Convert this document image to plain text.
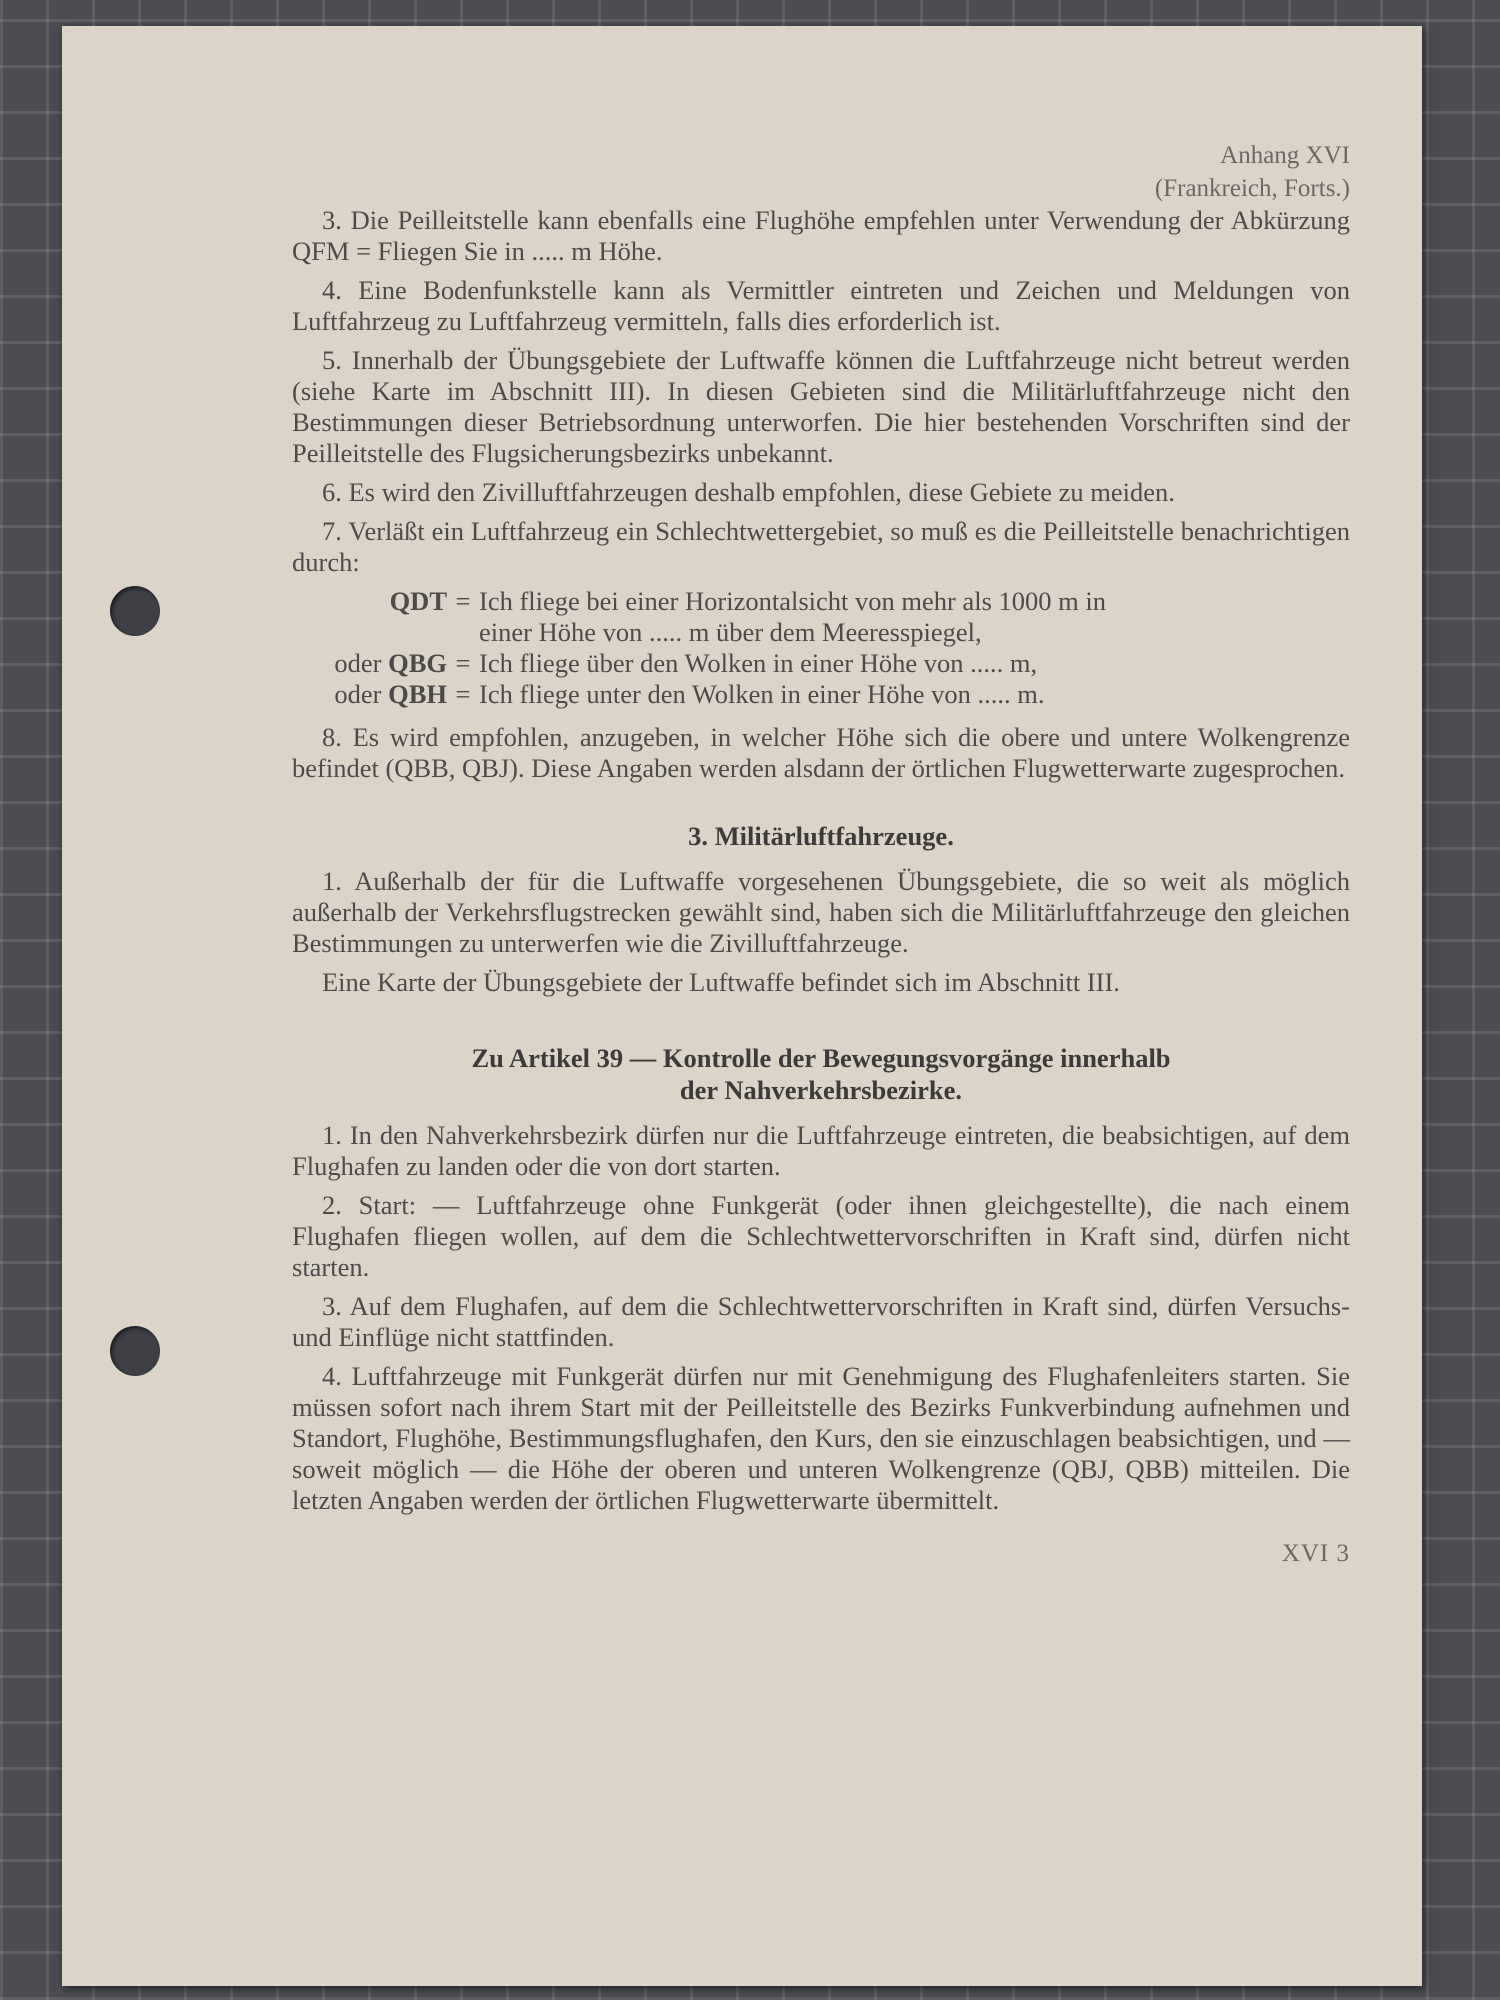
Anhang XVI
(Frankreich, Forts.)

3. Die Peilleitstelle kann ebenfalls eine Flughöhe empfehlen unter Verwendung der Abkürzung QFM = Fliegen Sie in ..... m Höhe.

4. Eine Bodenfunkstelle kann als Vermittler eintreten und Zeichen und Meldungen von Luftfahrzeug zu Luftfahrzeug vermitteln, falls dies erforderlich ist.

5. Innerhalb der Übungsgebiete der Luftwaffe können die Luftfahrzeuge nicht betreut werden (siehe Karte im Abschnitt III). In diesen Gebieten sind die Militärluftfahrzeuge nicht den Bestimmungen dieser Betriebsordnung unterworfen. Die hier bestehenden Vorschriften sind der Peilleitstelle des Flugsicherungsbezirks unbekannt.

6. Es wird den Zivilluftfahrzeugen deshalb empfohlen, diese Gebiete zu meiden.

7. Verläßt ein Luftfahrzeug ein Schlechtwettergebiet, so muß es die Peilleitstelle benachrichtigen durch:

QDT = Ich fliege bei einer Horizontalsicht von mehr als 1000 m in
einer Höhe von ..... m über dem Meeresspiegel,
oder QBG = Ich fliege über den Wolken in einer Höhe von ..... m,
oder QBH = Ich fliege unter den Wolken in einer Höhe von ..... m.

8. Es wird empfohlen, anzugeben, in welcher Höhe sich die obere und untere Wolkengrenze befindet (QBB, QBJ). Diese Angaben werden alsdann der örtlichen Flugwetterwarte zugesprochen.

3. Militärluftfahrzeuge.

1. Außerhalb der für die Luftwaffe vorgesehenen Übungsgebiete, die so weit als möglich außerhalb der Verkehrsflugstrecken gewählt sind, haben sich die Militärluftfahrzeuge den gleichen Bestimmungen zu unterwerfen wie die Zivilluftfahrzeuge.

Eine Karte der Übungsgebiete der Luftwaffe befindet sich im Abschnitt III.

Zu Artikel 39 — Kontrolle der Bewegungsvorgänge innerhalb
der Nahverkehrsbezirke.

1. In den Nahverkehrsbezirk dürfen nur die Luftfahrzeuge eintreten, die beabsichtigen, auf dem Flughafen zu landen oder die von dort starten.

2. Start: — Luftfahrzeuge ohne Funkgerät (oder ihnen gleichgestellte), die nach einem Flughafen fliegen wollen, auf dem die Schlechtwettervorschriften in Kraft sind, dürfen nicht starten.

3. Auf dem Flughafen, auf dem die Schlechtwettervorschriften in Kraft sind, dürfen Versuchs- und Einflüge nicht stattfinden.

4. Luftfahrzeuge mit Funkgerät dürfen nur mit Genehmigung des Flughafenleiters starten. Sie müssen sofort nach ihrem Start mit der Peilleitstelle des Bezirks Funkverbindung aufnehmen und Standort, Flughöhe, Bestimmungsflughafen, den Kurs, den sie einzuschlagen beabsichtigen, und — soweit möglich — die Höhe der oberen und unteren Wolkengrenze (QBJ, QBB) mitteilen. Die letzten Angaben werden der örtlichen Flugwetterwarte übermittelt.

XVI 3
